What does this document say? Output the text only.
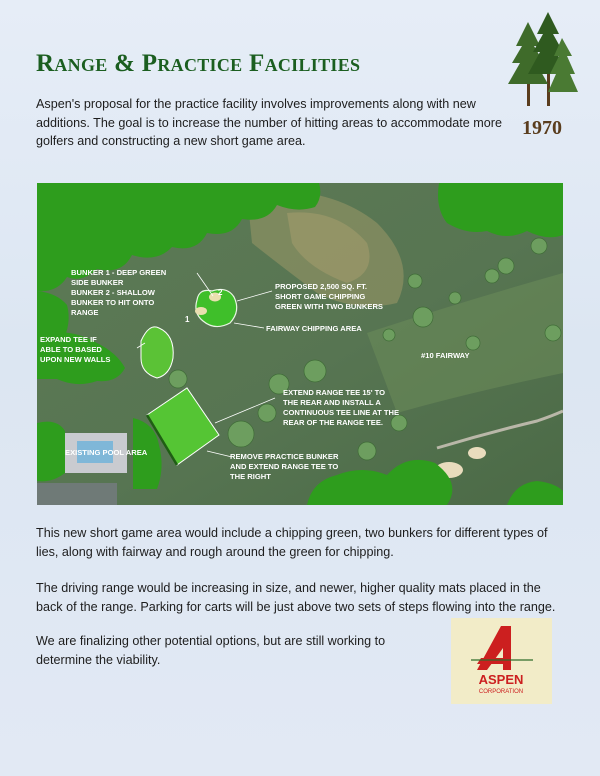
Range & Practice Facilities
1970

Aspen's proposal for the practice facility involves improvements along with new additions. The goal is to increase the number of hitting areas to accommodate more golfers and constructing a new short game area.

BUNKER 1 - DEEP GREEN
SIDE BUNKER
BUNKER 2 - SHALLOW
BUNKER TO HIT ONTO
RANGE
PROPOSED 2,500 SQ. FT.
SHORT GAME CHIPPING
GREEN WITH TWO BUNKERS
FAIRWAY CHIPPING AREA
EXPAND TEE IF
ABLE TO BASED
UPON NEW WALLS	#10 FAIRWAY
EXTEND RANGE TEE 15' TO
THE REAR AND INSTALL A
CONTINUOUS TEE LINE AT THE
REAR OF THE RANGE TEE.
REMOVE PRACTICE BUNKER
AND EXTEND RANGE TEE TO
THE RIGHT
EXISTING POOL AREA
1
2

This new short game area would include a chipping green, two bunkers for different types of lies, along with fairway and rough around the green for chipping.

The driving range would be increasing in size, and newer, higher quality mats placed in the back of the range. Parking for carts will be just above two sets of steps flowing into the range.

We are finalizing other potential options, but are still working to determine the viability.

ASPEN
CORPORATION
